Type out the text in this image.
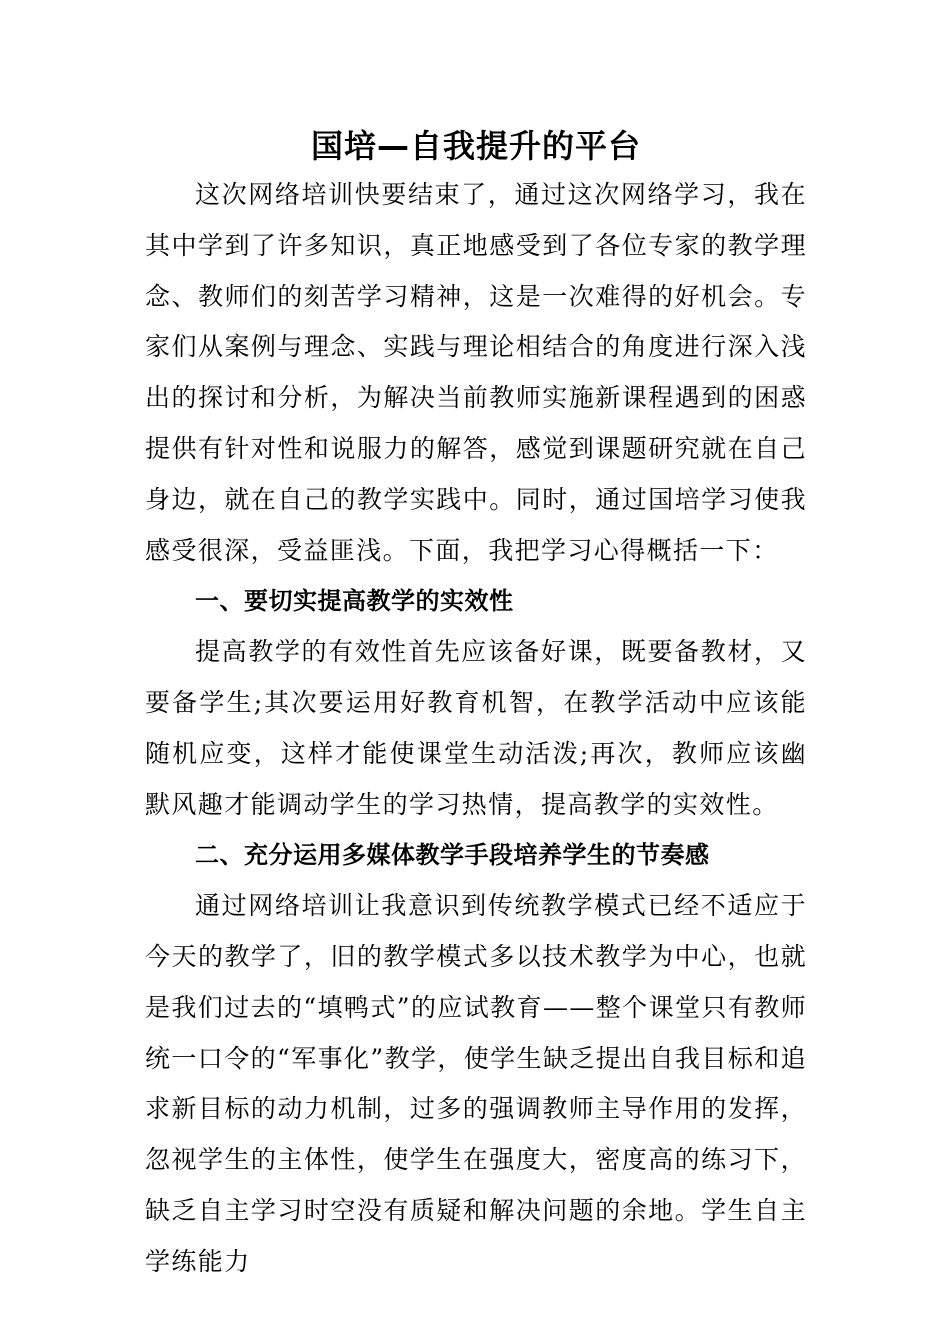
国培—自我提升的平台

这次网络培训快要结束了，通过这次网络学习，我在其中学到了许多知识，真正地感受到了各位专家的教学理念、教师们的刻苦学习精神，这是一次难得的好机会。专家们从案例与理念、实践与理论相结合的角度进行深入浅出的探讨和分析，为解决当前教师实施新课程遇到的困惑提供有针对性和说服力的解答，感觉到课题研究就在自己身边，就在自己的教学实践中。同时，通过国培学习使我感受很深，受益匪浅。下面，我把学习心得概括一下：

一、要切实提高教学的实效性

提高教学的有效性首先应该备好课，既要备教材，又要备学生;其次要运用好教育机智，在教学活动中应该能随机应变，这样才能使课堂生动活泼;再次，教师应该幽默风趣才能调动学生的学习热情，提高教学的实效性。

二、充分运用多媒体教学手段培养学生的节奏感

通过网络培训让我意识到传统教学模式已经不适应于今天的教学了，旧的教学模式多以技术教学为中心，也就是我们过去的“填鸭式”的应试教育——整个课堂只有教师统一口令的“军事化”教学，使学生缺乏提出自我目标和追求新目标的动力机制，过多的强调教师主导作用的发挥，忽视学生的主体性，使学生在强度大，密度高的练习下，缺乏自主学习时空没有质疑和解决问题的余地。学生自主学练能力
